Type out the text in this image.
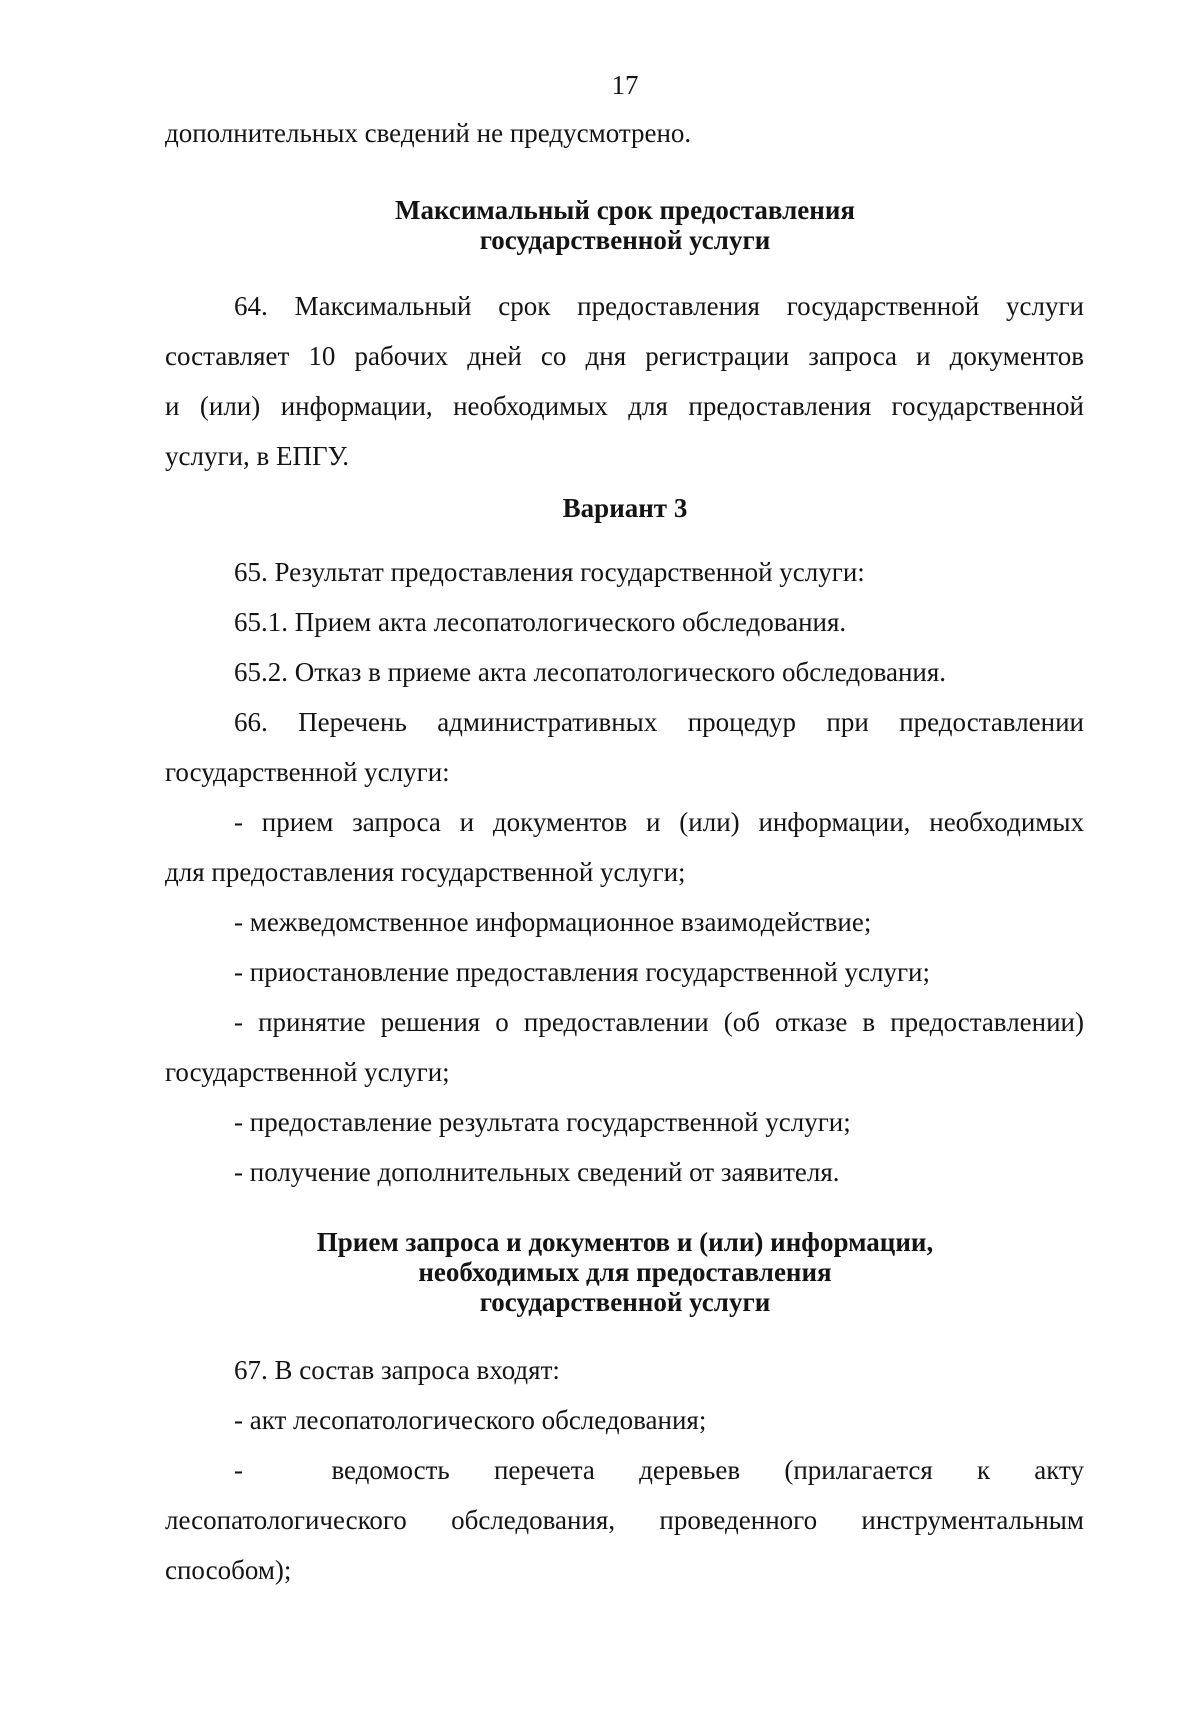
17

дополнительных сведений не предусмотрено.

Максимальный срок предоставления

государственной услуги

64. Максимальный срок предоставления государственной услуги

составляет 10 рабочих дней со дня регистрации запроса и документов

и (или) информации, необходимых для предоставления государственной

услуги, в ЕПГУ.

Вариант 3

65. Результат предоставления государственной услуги:

65.1. Прием акта лесопатологического обследования.

65.2. Отказ в приеме акта лесопатологического обследования.

66. Перечень административных процедур при предоставлении

государственной услуги:

- прием запроса и документов и (или) информации, необходимых

для предоставления государственной услуги;

- межведомственное информационное взаимодействие;

- приостановление предоставления государственной услуги;

- принятие решения о предоставлении (об отказе в предоставлении)

государственной услуги;

- предоставление результата государственной услуги;

- получение дополнительных сведений от заявителя.

Прием запроса и документов и (или) информации,

необходимых для предоставления

государственной услуги

67. В состав запроса входят:

- акт лесопатологического обследования;

-        ведомость    перечета    деревьев    (прилагается    к    акту

лесопатологического обследования, проведенного инструментальным

способом);
